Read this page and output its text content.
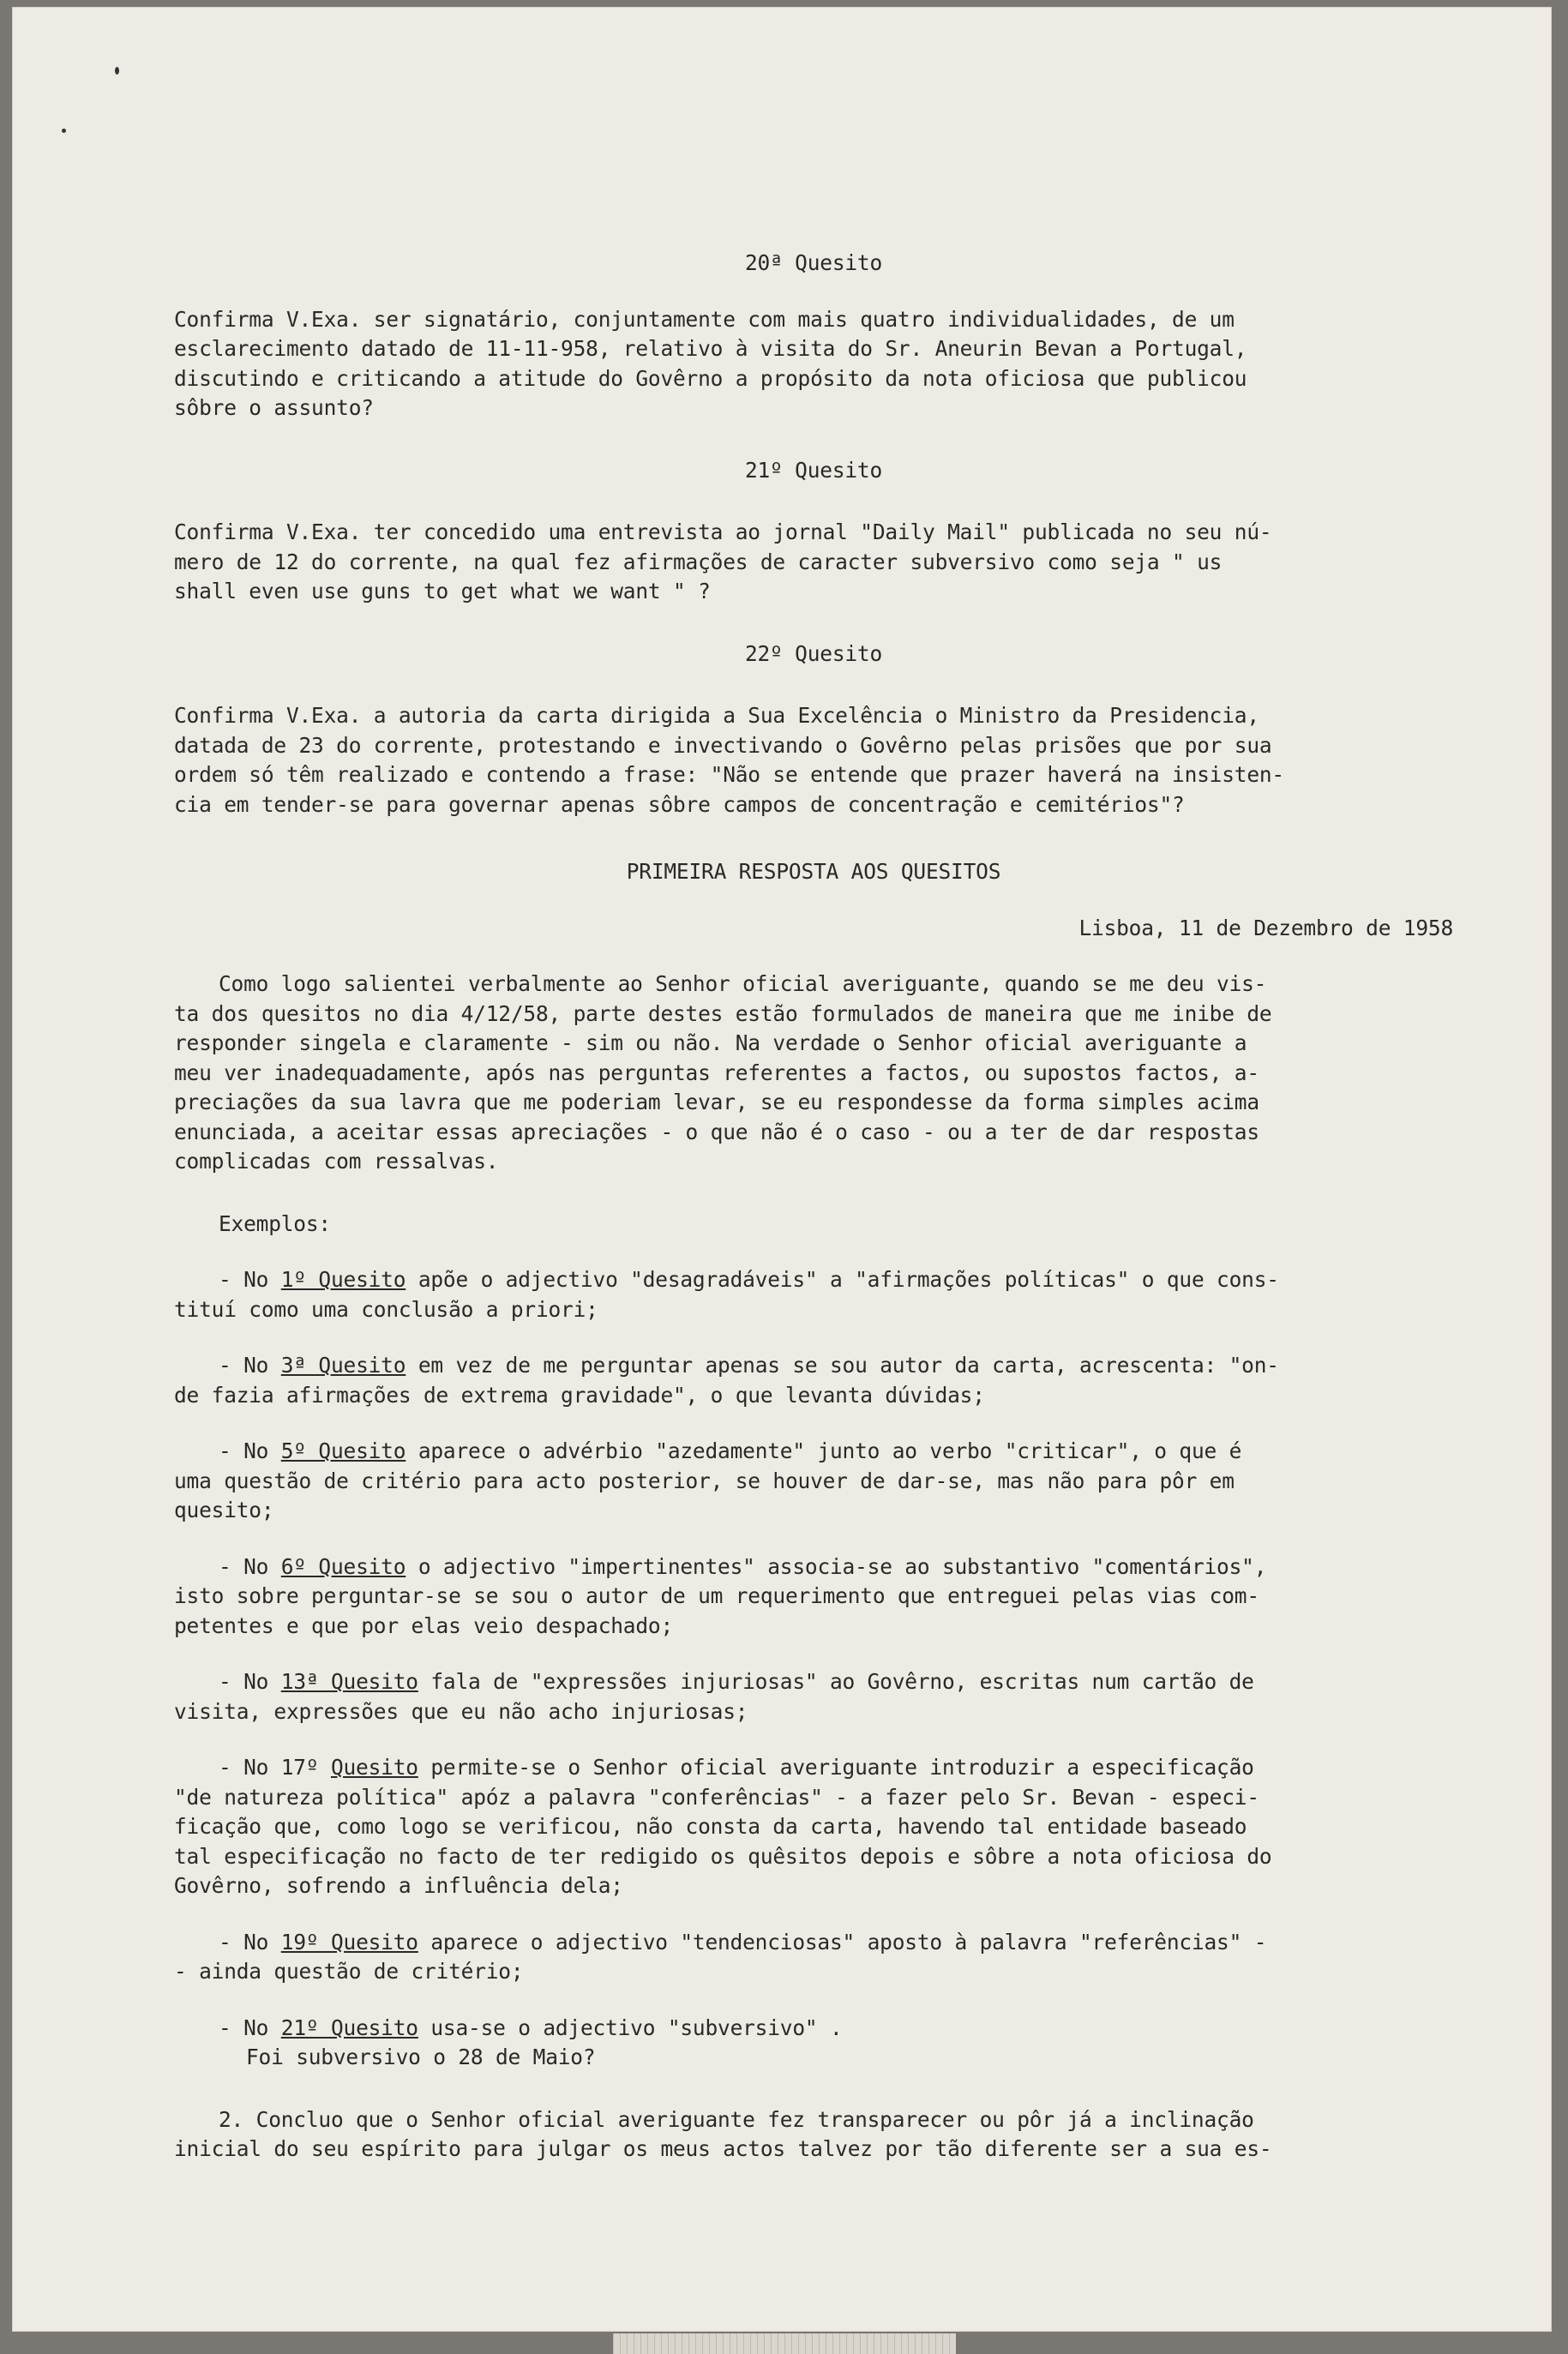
20ª Quesito

Confirma V.Exa. ser signatário, conjuntamente com mais quatro individualidades, de um

esclarecimento datado de 11-11-958, relativo à visita do Sr. Aneurin Bevan a Portugal,

discutindo e criticando a atitude do Govêrno a propósito da nota oficiosa que publicou

sôbre o assunto?

21º Quesito

Confirma V.Exa. ter concedido uma entrevista ao jornal "Daily Mail" publicada no seu nú-

mero de 12 do corrente, na qual fez afirmações de caracter subversivo como seja " us

shall even use guns to get what we want " ?

22º Quesito

Confirma V.Exa. a autoria da carta dirigida a Sua Excelência o Ministro da Presidencia,

datada de 23 do corrente, protestando e invectivando o Govêrno pelas prisões que por sua

ordem só têm realizado e contendo a frase: "Não se entende que prazer haverá na insisten-

cia em tender-se para governar apenas sôbre campos de concentração e cemitérios"?

PRIMEIRA RESPOSTA AOS QUESITOS

Lisboa, 11 de Dezembro de 1958

Como logo salientei verbalmente ao Senhor oficial averiguante, quando se me deu vis-

ta dos quesitos no dia 4/12/58, parte destes estão formulados de maneira que me inibe de

responder singela e claramente - sim ou não. Na verdade o Senhor oficial averiguante a

meu ver inadequadamente, após nas perguntas referentes a factos, ou supostos factos, a-

preciações da sua lavra que me poderiam levar, se eu respondesse da forma simples acima

enunciada, a aceitar essas apreciações - o que não é o caso - ou a ter de dar respostas

complicadas com ressalvas.

Exemplos:

- No 1º Quesito apõe o adjectivo "desagradáveis" a "afirmações políticas" o que cons-

tituí como uma conclusão a priori;

- No 3ª Quesito em vez de me perguntar apenas se sou autor da carta, acrescenta: "on-

de fazia afirmações de extrema gravidade", o que levanta dúvidas;

- No 5º Quesito aparece o advérbio "azedamente" junto ao verbo "criticar", o que é

uma questão de critério para acto posterior, se houver de dar-se, mas não para pôr em

quesito;

- No 6º Quesito o adjectivo "impertinentes" associa-se ao substantivo "comentários",

isto sobre perguntar-se se sou o autor de um requerimento que entreguei pelas vias com-

petentes e que por elas veio despachado;

- No 13ª Quesito fala de "expressões injuriosas" ao Govêrno, escritas num cartão de

visita, expressões que eu não acho injuriosas;

- No 17º Quesito permite-se o Senhor oficial averiguante introduzir a especificação

"de natureza política" apóz a palavra "conferências" - a fazer pelo Sr. Bevan - especi-

ficação que, como logo se verificou, não consta da carta, havendo tal entidade baseado

tal especificação no facto de ter redigido os quêsitos depois e sôbre a nota oficiosa do

Govêrno, sofrendo a influência dela;

- No 19º Quesito aparece o adjectivo "tendenciosas" aposto à palavra "referências" -

- ainda questão de critério;

- No 21º Quesito usa-se o adjectivo "subversivo" .

Foi subversivo o 28 de Maio?

2. Concluo que o Senhor oficial averiguante fez transparecer ou pôr já a inclinação

inicial do seu espírito para julgar os meus actos talvez por tão diferente ser a sua es-
